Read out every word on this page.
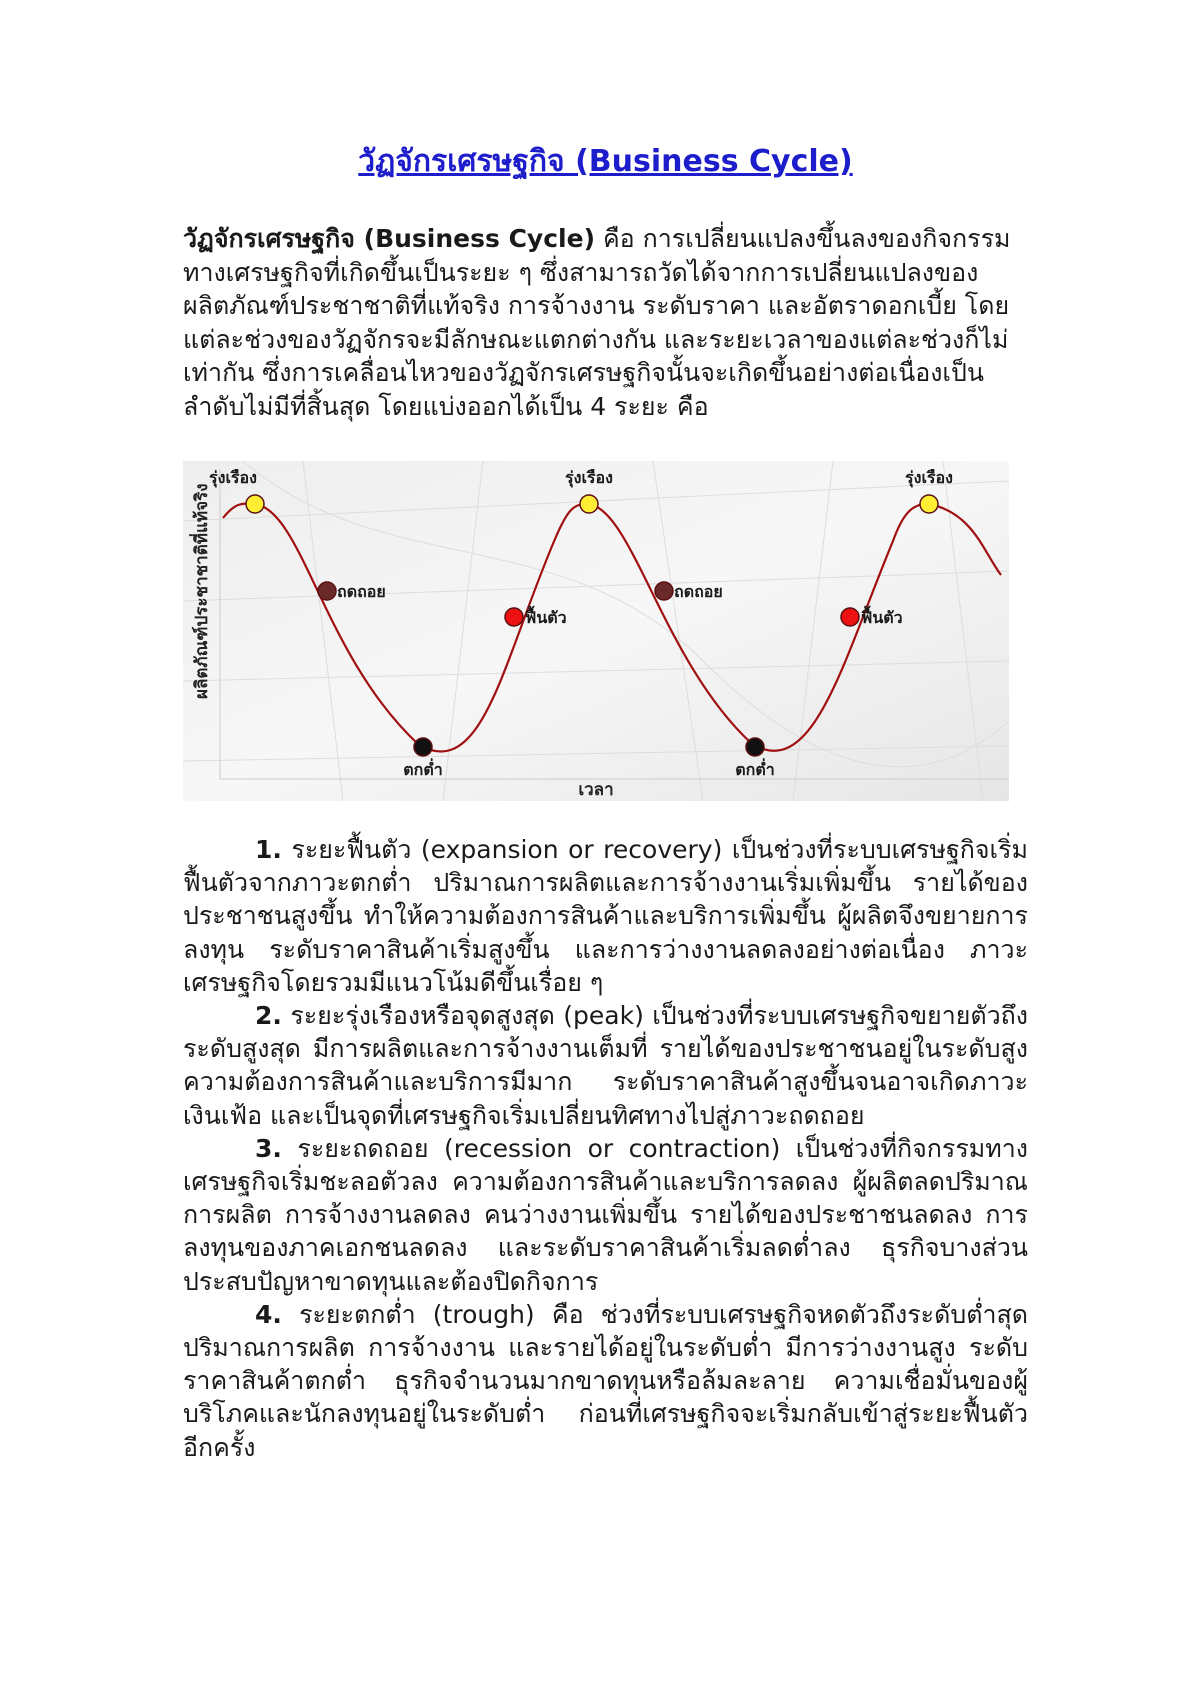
วัฏจักรเศรษฐกิจ (Business Cycle)

วัฏจักรเศรษฐกิจ (Business Cycle) คือ การเปลี่ยนแปลงขึ้นลงของกิจกรรมทางเศรษฐกิจที่เกิดขึ้นเป็นระยะ ๆ ซึ่งสามารถวัดได้จากการเปลี่ยนแปลงของผลิตภัณฑ์ประชาชาติที่แท้จริง การจ้างงาน ระดับราคา และอัตราดอกเบี้ย โดยแต่ละช่วงของวัฏจักรจะมีลักษณะแตกต่างกัน และระยะเวลาของแต่ละช่วงก็ไม่เท่ากัน ซึ่งการเคลื่อนไหวของวัฏจักรเศรษฐกิจนั้นจะเกิดขึ้นอย่างต่อเนื่องเป็นลำดับไม่มีที่สิ้นสุด โดยแบ่งออกได้เป็น 4 ระยะ คือ

รุ่งเรือง
ถดถอย
ตกต่ำ
ฟื้นตัว
รุ่งเรือง
ถดถอย
ตกต่ำ
ฟื้นตัว
รุ่งเรือง
ผลิตภัณฑ์ประชาชาติที่แท้จริง
เวลา

1. ระยะฟื้นตัว (expansion or recovery) เป็นช่วงที่ระบบเศรษฐกิจเริ่มฟื้นตัวจากภาวะตกต่ำ ปริมาณการผลิตและการจ้างงานเริ่มเพิ่มขึ้น รายได้ของประชาชนสูงขึ้น ทำให้ความต้องการสินค้าและบริการเพิ่มขึ้น ผู้ผลิตจึงขยายการลงทุน ระดับราคาสินค้าเริ่มสูงขึ้น และการว่างงานลดลงอย่างต่อเนื่อง ภาวะเศรษฐกิจโดยรวมมีแนวโน้มดีขึ้นเรื่อย ๆ

2. ระยะรุ่งเรืองหรือจุดสูงสุด (peak) เป็นช่วงที่ระบบเศรษฐกิจขยายตัวถึงระดับสูงสุด มีการผลิตและการจ้างงานเต็มที่ รายได้ของประชาชนอยู่ในระดับสูง ความต้องการสินค้าและบริการมีมาก ระดับราคาสินค้าสูงขึ้นจนอาจเกิดภาวะเงินเฟ้อ และเป็นจุดที่เศรษฐกิจเริ่มเปลี่ยนทิศทางไปสู่ภาวะถดถอย

3. ระยะถดถอย (recession or contraction) เป็นช่วงที่กิจกรรมทางเศรษฐกิจเริ่มชะลอตัวลง ความต้องการสินค้าและบริการลดลง ผู้ผลิตลดปริมาณการผลิต การจ้างงานลดลง คนว่างงานเพิ่มขึ้น รายได้ของประชาชนลดลง การลงทุนของภาคเอกชนลดลง และระดับราคาสินค้าเริ่มลดต่ำลง ธุรกิจบางส่วนประสบปัญหาขาดทุนและต้องปิดกิจการ

4. ระยะตกต่ำ (trough) คือ ช่วงที่ระบบเศรษฐกิจหดตัวถึงระดับต่ำสุด ปริมาณการผลิต การจ้างงาน และรายได้อยู่ในระดับต่ำ มีการว่างงานสูง ระดับราคาสินค้าตกต่ำ ธุรกิจจำนวนมากขาดทุนหรือล้มละลาย ความเชื่อมั่นของผู้บริโภคและนักลงทุนอยู่ในระดับต่ำ ก่อนที่เศรษฐกิจจะเริ่มกลับเข้าสู่ระยะฟื้นตัวอีกครั้ง
